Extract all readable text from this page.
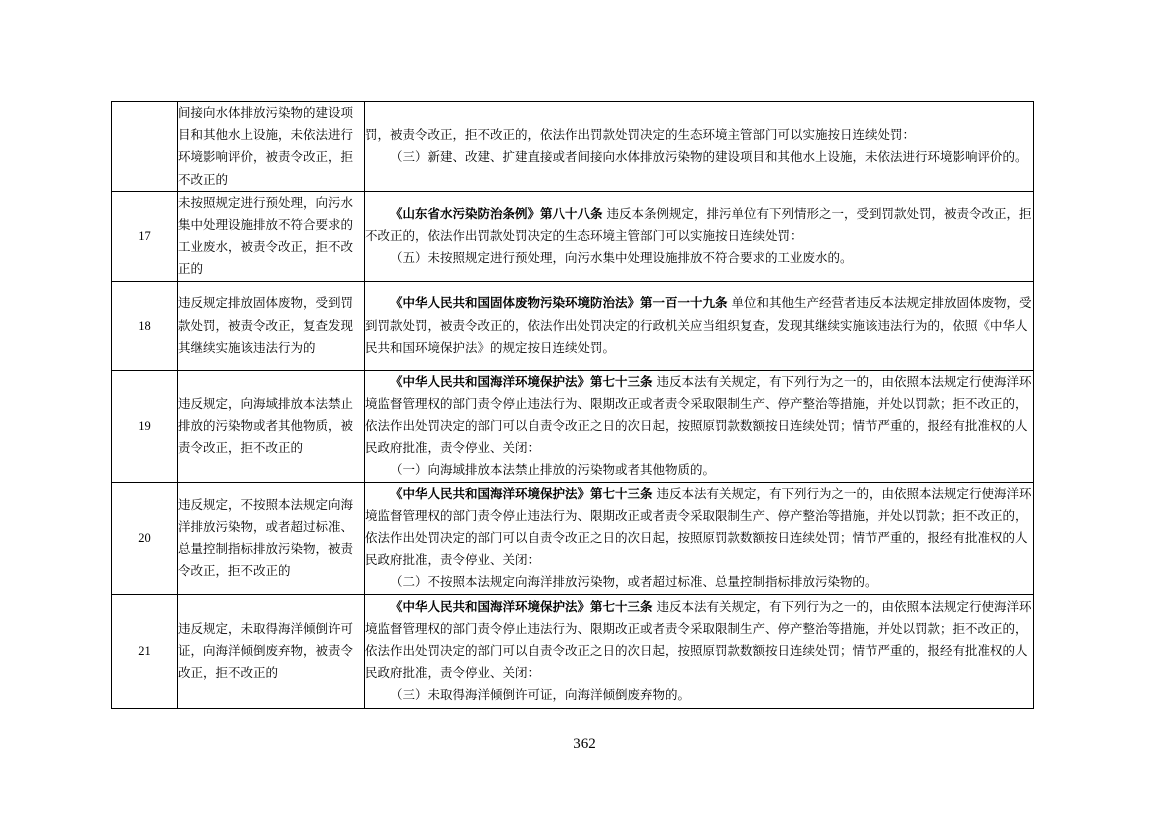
	间接向水体排放污染物的建设项目和其他水上设施，未依法进行环境影响评价，被责令改正，拒不改正的	罚，被责令改正，拒不改正的，依法作出罚款处罚决定的生态环境主管部门可以实施按日连续处罚：
（三）新建、改建、扩建直接或者间接向水体排放污染物的建设项目和其他水上设施，未依法进行环境影响评价的。

17	未按照规定进行预处理，向污水集中处理设施排放不符合要求的工业废水，被责令改正，拒不改正的	《山东省水污染防治条例》第八十八条 违反本条例规定，排污单位有下列情形之一，受到罚款处罚，被责令改正，拒不改正的，依法作出罚款处罚决定的生态环境主管部门可以实施按日连续处罚：
（五）未按照规定进行预处理，向污水集中处理设施排放不符合要求的工业废水的。

18	违反规定排放固体废物，受到罚款处罚，被责令改正，复查发现其继续实施该违法行为的	《中华人民共和国固体废物污染环境防治法》第一百一十九条 单位和其他生产经营者违反本法规定排放固体废物，受到罚款处罚，被责令改正的，依法作出处罚决定的行政机关应当组织复查，发现其继续实施该违法行为的，依照《中华人民共和国环境保护法》的规定按日连续处罚。

19	违反规定，向海域排放本法禁止排放的污染物或者其他物质，被责令改正，拒不改正的	《中华人民共和国海洋环境保护法》第七十三条 违反本法有关规定，有下列行为之一的，由依照本法规定行使海洋环境监督管理权的部门责令停止违法行为、限期改正或者责令采取限制生产、停产整治等措施，并处以罚款；拒不改正的，依法作出处罚决定的部门可以自责令改正之日的次日起，按照原罚款数额按日连续处罚；情节严重的，报经有批准权的人民政府批准，责令停业、关闭：
（一）向海域排放本法禁止排放的污染物或者其他物质的。

20	违反规定，不按照本法规定向海洋排放污染物，或者超过标准、总量控制指标排放污染物，被责令改正，拒不改正的	《中华人民共和国海洋环境保护法》第七十三条 违反本法有关规定，有下列行为之一的，由依照本法规定行使海洋环境监督管理权的部门责令停止违法行为、限期改正或者责令采取限制生产、停产整治等措施，并处以罚款；拒不改正的，依法作出处罚决定的部门可以自责令改正之日的次日起，按照原罚款数额按日连续处罚；情节严重的，报经有批准权的人民政府批准，责令停业、关闭：
（二）不按照本法规定向海洋排放污染物，或者超过标准、总量控制指标排放污染物的。

21	违反规定，未取得海洋倾倒许可证，向海洋倾倒废弃物，被责令改正，拒不改正的	《中华人民共和国海洋环境保护法》第七十三条 违反本法有关规定，有下列行为之一的，由依照本法规定行使海洋环境监督管理权的部门责令停止违法行为、限期改正或者责令采取限制生产、停产整治等措施，并处以罚款；拒不改正的，依法作出处罚决定的部门可以自责令改正之日的次日起，按照原罚款数额按日连续处罚；情节严重的，报经有批准权的人民政府批准，责令停业、关闭：
（三）未取得海洋倾倒许可证，向海洋倾倒废弃物的。
362
